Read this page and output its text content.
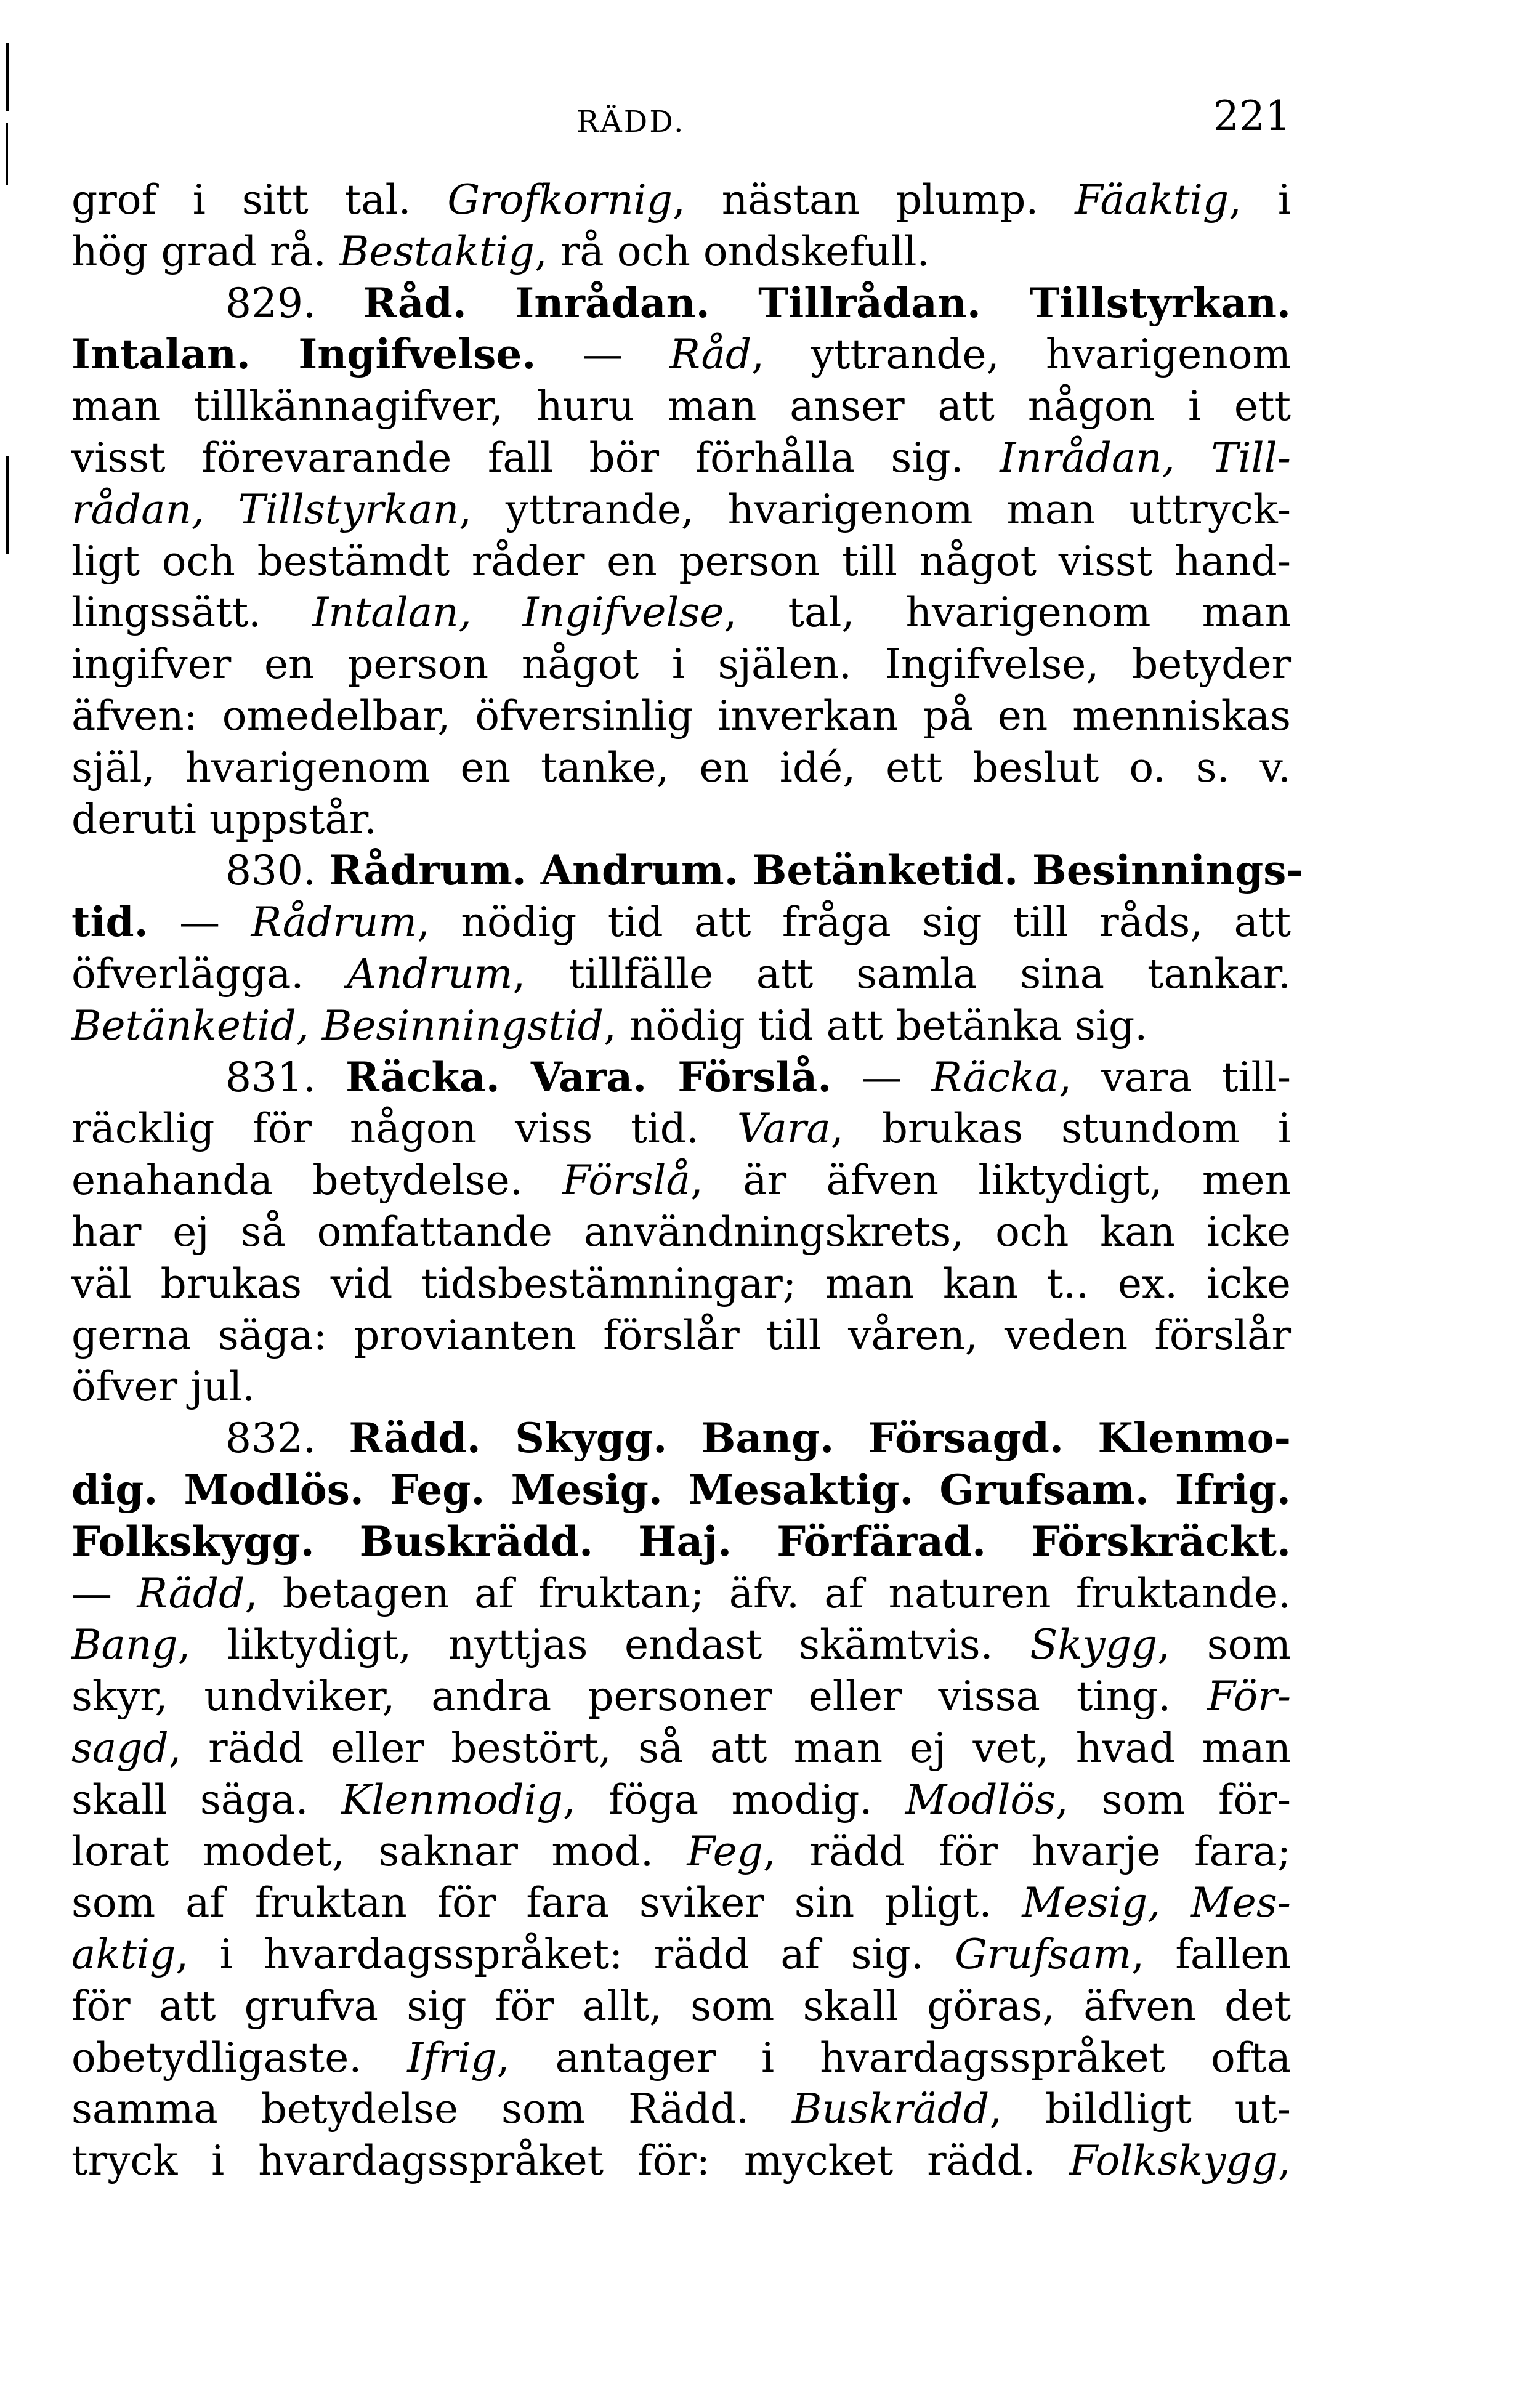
RÄDD.	221
grof i sitt tal. Grofkornig, nästan plump. Fäaktig, i
hög grad rå. Bestaktig, rå och ondskefull.
829. Råd. Inrådan. Tillrådan. Tillstyrkan.
Intalan. Ingifvelse. — Råd, yttrande, hvarigenom
man tillkännagifver, huru man anser att någon i ett
visst förevarande fall bör förhålla sig. Inrådan, Till-
rådan, Tillstyrkan, yttrande, hvarigenom man uttryck-
ligt och bestämdt råder en person till något visst hand-
lingssätt. Intalan, Ingifvelse, tal, hvarigenom man
ingifver en person något i själen. Ingifvelse, betyder
äfven: omedelbar, öfversinlig inverkan på en menniskas
själ, hvarigenom en tanke, en idé, ett beslut o. s. v.
deruti uppstår.
830. Rådrum. Andrum. Betänketid. Besinnings-
tid. — Rådrum, nödig tid att fråga sig till råds, att
öfverlägga. Andrum, tillfälle att samla sina tankar.
Betänketid, Besinningstid, nödig tid att betänka sig.
831. Räcka. Vara. Förslå. — Räcka, vara till-
räcklig för någon viss tid. Vara, brukas stundom i
enahanda betydelse. Förslå, är äfven liktydigt, men
har ej så omfattande användningskrets, och kan icke
väl brukas vid tidsbestämningar; man kan t.. ex. icke
gerna säga: provianten förslår till våren, veden förslår
öfver jul.
832. Rädd. Skygg. Bang. Försagd. Klenmo-
dig. Modlös. Feg. Mesig. Mesaktig. Grufsam. Ifrig.
Folkskygg. Buskrädd. Haj. Förfärad. Förskräckt.
— Rädd, betagen af fruktan; äfv. af naturen fruktande.
Bang, liktydigt, nyttjas endast skämtvis. Skygg, som
skyr, undviker, andra personer eller vissa ting. För-
sagd, rädd eller bestört, så att man ej vet, hvad man
skall säga. Klenmodig, föga modig. Modlös, som för-
lorat modet, saknar mod. Feg, rädd för hvarje fara;
som af fruktan för fara sviker sin pligt. Mesig, Mes-
aktig, i hvardagsspråket: rädd af sig. Grufsam, fallen
för att grufva sig för allt, som skall göras, äfven det
obetydligaste. Ifrig, antager i hvardagsspråket ofta
samma betydelse som Rädd. Buskrädd, bildligt ut-
tryck i hvardagsspråket för: mycket rädd. Folkskygg,
